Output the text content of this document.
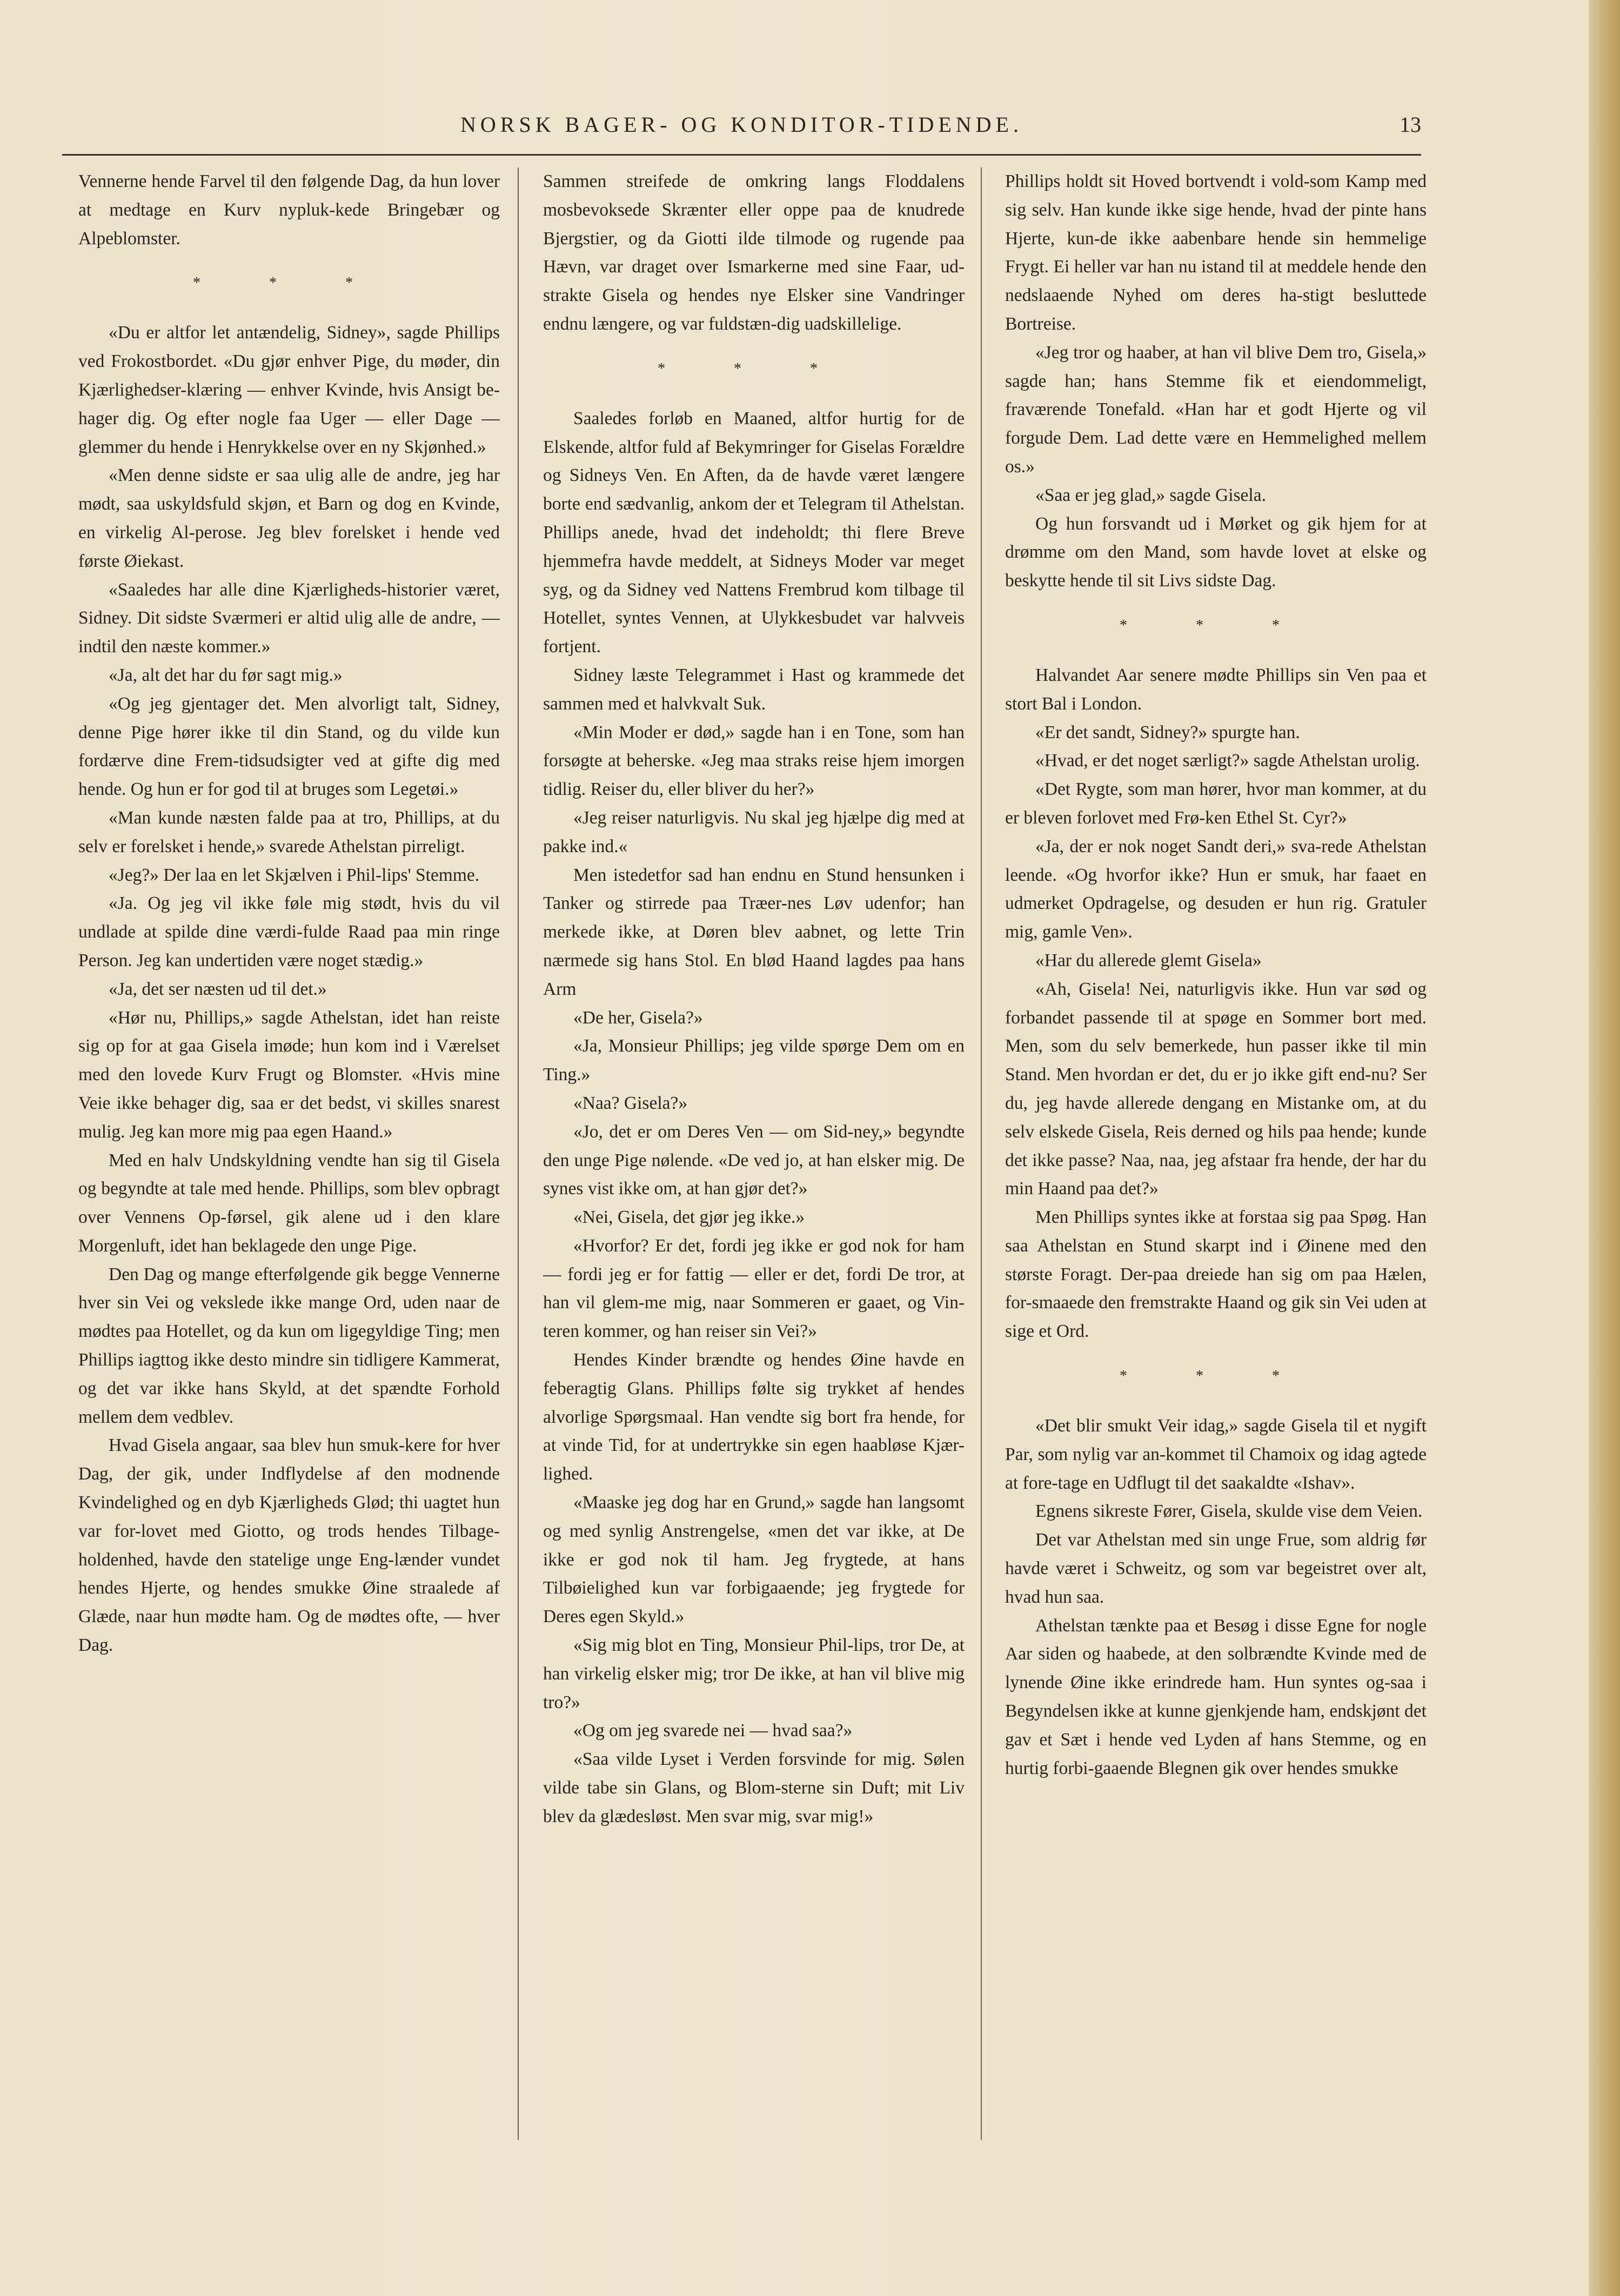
NORSK BAGER- OG KONDITOR-TIDENDE.	13

Vennerne hende Farvel til den følgende Dag, da hun lover at medtage en Kurv nypluk-kede Bringebær og Alpeblomster.

* * *

«Du er altfor let antændelig, Sidney», sagde Phillips ved Frokostbordet. «Du gjør enhver Pige, du møder, din Kjærlighedser-klæring — enhver Kvinde, hvis Ansigt be-hager dig. Og efter nogle faa Uger — eller Dage — glemmer du hende i Henrykkelse over en ny Skjønhed.»

«Men denne sidste er saa ulig alle de andre, jeg har mødt, saa uskyldsfuld skjøn, et Barn og dog en Kvinde, en virkelig Al-perose. Jeg blev forelsket i hende ved første Øiekast.

«Saaledes har alle dine Kjærligheds-historier været, Sidney. Dit sidste Sværmeri er altid ulig alle de andre, — indtil den næste kommer.»

«Ja, alt det har du før sagt mig.»

«Og jeg gjentager det. Men alvorligt talt, Sidney, denne Pige hører ikke til din Stand, og du vilde kun fordærve dine Frem-tidsudsigter ved at gifte dig med hende. Og hun er for god til at bruges som Legetøi.»

«Man kunde næsten falde paa at tro, Phillips, at du selv er forelsket i hende,» svarede Athelstan pirreligt.

«Jeg?» Der laa en let Skjælven i Phil-lips' Stemme.

«Ja. Og jeg vil ikke føle mig stødt, hvis du vil undlade at spilde dine værdi-fulde Raad paa min ringe Person. Jeg kan undertiden være noget stædig.»

«Ja, det ser næsten ud til det.»

«Hør nu, Phillips,» sagde Athelstan, idet han reiste sig op for at gaa Gisela imøde; hun kom ind i Værelset med den lovede Kurv Frugt og Blomster. «Hvis mine Veie ikke behager dig, saa er det bedst, vi skilles snarest mulig. Jeg kan more mig paa egen Haand.»

Med en halv Undskyldning vendte han sig til Gisela og begyndte at tale med hende. Phillips, som blev opbragt over Vennens Op-førsel, gik alene ud i den klare Morgenluft, idet han beklagede den unge Pige.

Den Dag og mange efterfølgende gik begge Vennerne hver sin Vei og vekslede ikke mange Ord, uden naar de mødtes paa Hotellet, og da kun om ligegyldige Ting; men Phillips iagttog ikke desto mindre sin tidligere Kammerat, og det var ikke hans Skyld, at det spændte Forhold mellem dem vedblev.

Hvad Gisela angaar, saa blev hun smuk-kere for hver Dag, der gik, under Indflydelse af den modnende Kvindelighed og en dyb Kjærligheds Glød; thi uagtet hun var for-lovet med Giotto, og trods hendes Tilbage-holdenhed, havde den statelige unge Eng-lænder vundet hendes Hjerte, og hendes smukke Øine straalede af Glæde, naar hun mødte ham. Og de mødtes ofte, — hver Dag.

Sammen streifede de omkring langs Floddalens mosbevoksede Skrænter eller oppe paa de knudrede Bjergstier, og da Giotti ilde tilmode og rugende paa Hævn, var draget over Ismarkerne med sine Faar, ud-strakte Gisela og hendes nye Elsker sine Vandringer endnu længere, og var fuldstæn-dig uadskillelige.

* * *

Saaledes forløb en Maaned, altfor hurtig for de Elskende, altfor fuld af Bekymringer for Giselas Forældre og Sidneys Ven. En Aften, da de havde været længere borte end sædvanlig, ankom der et Telegram til Athelstan. Phillips anede, hvad det indeholdt; thi flere Breve hjemmefra havde meddelt, at Sidneys Moder var meget syg, og da Sidney ved Nattens Frembrud kom tilbage til Hotellet, syntes Vennen, at Ulykkesbudet var halvveis fortjent.

Sidney læste Telegrammet i Hast og krammede det sammen med et halvkvalt Suk.

«Min Moder er død,» sagde han i en Tone, som han forsøgte at beherske. «Jeg maa straks reise hjem imorgen tidlig. Reiser du, eller bliver du her?»

«Jeg reiser naturligvis. Nu skal jeg hjælpe dig med at pakke ind.«

Men istedetfor sad han endnu en Stund hensunken i Tanker og stirrede paa Træer-nes Løv udenfor; han merkede ikke, at Døren blev aabnet, og lette Trin nærmede sig hans Stol. En blød Haand lagdes paa hans Arm

«De her, Gisela?»

«Ja, Monsieur Phillips; jeg vilde spørge Dem om en Ting.»

«Naa? Gisela?»

«Jo, det er om Deres Ven — om Sid-ney,» begyndte den unge Pige nølende. «De ved jo, at han elsker mig. De synes vist ikke om, at han gjør det?»

«Nei, Gisela, det gjør jeg ikke.»

«Hvorfor? Er det, fordi jeg ikke er god nok for ham — fordi jeg er for fattig — eller er det, fordi De tror, at han vil glem-me mig, naar Sommeren er gaaet, og Vin-teren kommer, og han reiser sin Vei?»

Hendes Kinder brændte og hendes Øine havde en feberagtig Glans. Phillips følte sig trykket af hendes alvorlige Spørgsmaal. Han vendte sig bort fra hende, for at vinde Tid, for at undertrykke sin egen haabløse Kjær-lighed.

«Maaske jeg dog har en Grund,» sagde han langsomt og med synlig Anstrengelse, «men det var ikke, at De ikke er god nok til ham. Jeg frygtede, at hans Tilbøielighed kun var forbigaaende; jeg frygtede for Deres egen Skyld.»

«Sig mig blot en Ting, Monsieur Phil-lips, tror De, at han virkelig elsker mig; tror De ikke, at han vil blive mig tro?»

«Og om jeg svarede nei — hvad saa?»

«Saa vilde Lyset i Verden forsvinde for mig. Sølen vilde tabe sin Glans, og Blom-sterne sin Duft; mit Liv blev da glædesløst. Men svar mig, svar mig!»

Phillips holdt sit Hoved bortvendt i vold-som Kamp med sig selv. Han kunde ikke sige hende, hvad der pinte hans Hjerte, kun-de ikke aabenbare hende sin hemmelige Frygt. Ei heller var han nu istand til at meddele hende den nedslaaende Nyhed om deres ha-stigt besluttede Bortreise.

«Jeg tror og haaber, at han vil blive Dem tro, Gisela,» sagde han; hans Stemme fik et eiendommeligt, fraværende Tonefald. «Han har et godt Hjerte og vil forgude Dem. Lad dette være en Hemmelighed mellem os.»

«Saa er jeg glad,» sagde Gisela.

Og hun forsvandt ud i Mørket og gik hjem for at drømme om den Mand, som havde lovet at elske og beskytte hende til sit Livs sidste Dag.

* * *

Halvandet Aar senere mødte Phillips sin Ven paa et stort Bal i London.

«Er det sandt, Sidney?» spurgte han.

«Hvad, er det noget særligt?» sagde Athelstan urolig.

«Det Rygte, som man hører, hvor man kommer, at du er bleven forlovet med Frø-ken Ethel St. Cyr?»

«Ja, der er nok noget Sandt deri,» sva-rede Athelstan leende. «Og hvorfor ikke? Hun er smuk, har faaet en udmerket Opdragelse, og desuden er hun rig. Gratuler mig, gamle Ven».

«Har du allerede glemt Gisela»

«Ah, Gisela! Nei, naturligvis ikke. Hun var sød og forbandet passende til at spøge en Sommer bort med. Men, som du selv bemerkede, hun passer ikke til min Stand. Men hvordan er det, du er jo ikke gift end-nu? Ser du, jeg havde allerede dengang en Mistanke om, at du selv elskede Gisela, Reis derned og hils paa hende; kunde det ikke passe? Naa, naa, jeg afstaar fra hende, der har du min Haand paa det?»

Men Phillips syntes ikke at forstaa sig paa Spøg. Han saa Athelstan en Stund skarpt ind i Øinene med den største Foragt. Der-paa dreiede han sig om paa Hælen, for-smaaede den fremstrakte Haand og gik sin Vei uden at sige et Ord.

* * *

«Det blir smukt Veir idag,» sagde Gisela til et nygift Par, som nylig var an-kommet til Chamoix og idag agtede at fore-tage en Udflugt til det saakaldte «Ishav».

Egnens sikreste Fører, Gisela, skulde vise dem Veien.

Det var Athelstan med sin unge Frue, som aldrig før havde været i Schweitz, og som var begeistret over alt, hvad hun saa.

Athelstan tænkte paa et Besøg i disse Egne for nogle Aar siden og haabede, at den solbrændte Kvinde med de lynende Øine ikke erindrede ham. Hun syntes og-saa i Begyndelsen ikke at kunne gjenkjende ham, endskjønt det gav et Sæt i hende ved Lyden af hans Stemme, og en hurtig forbi-gaaende Blegnen gik over hendes smukke
